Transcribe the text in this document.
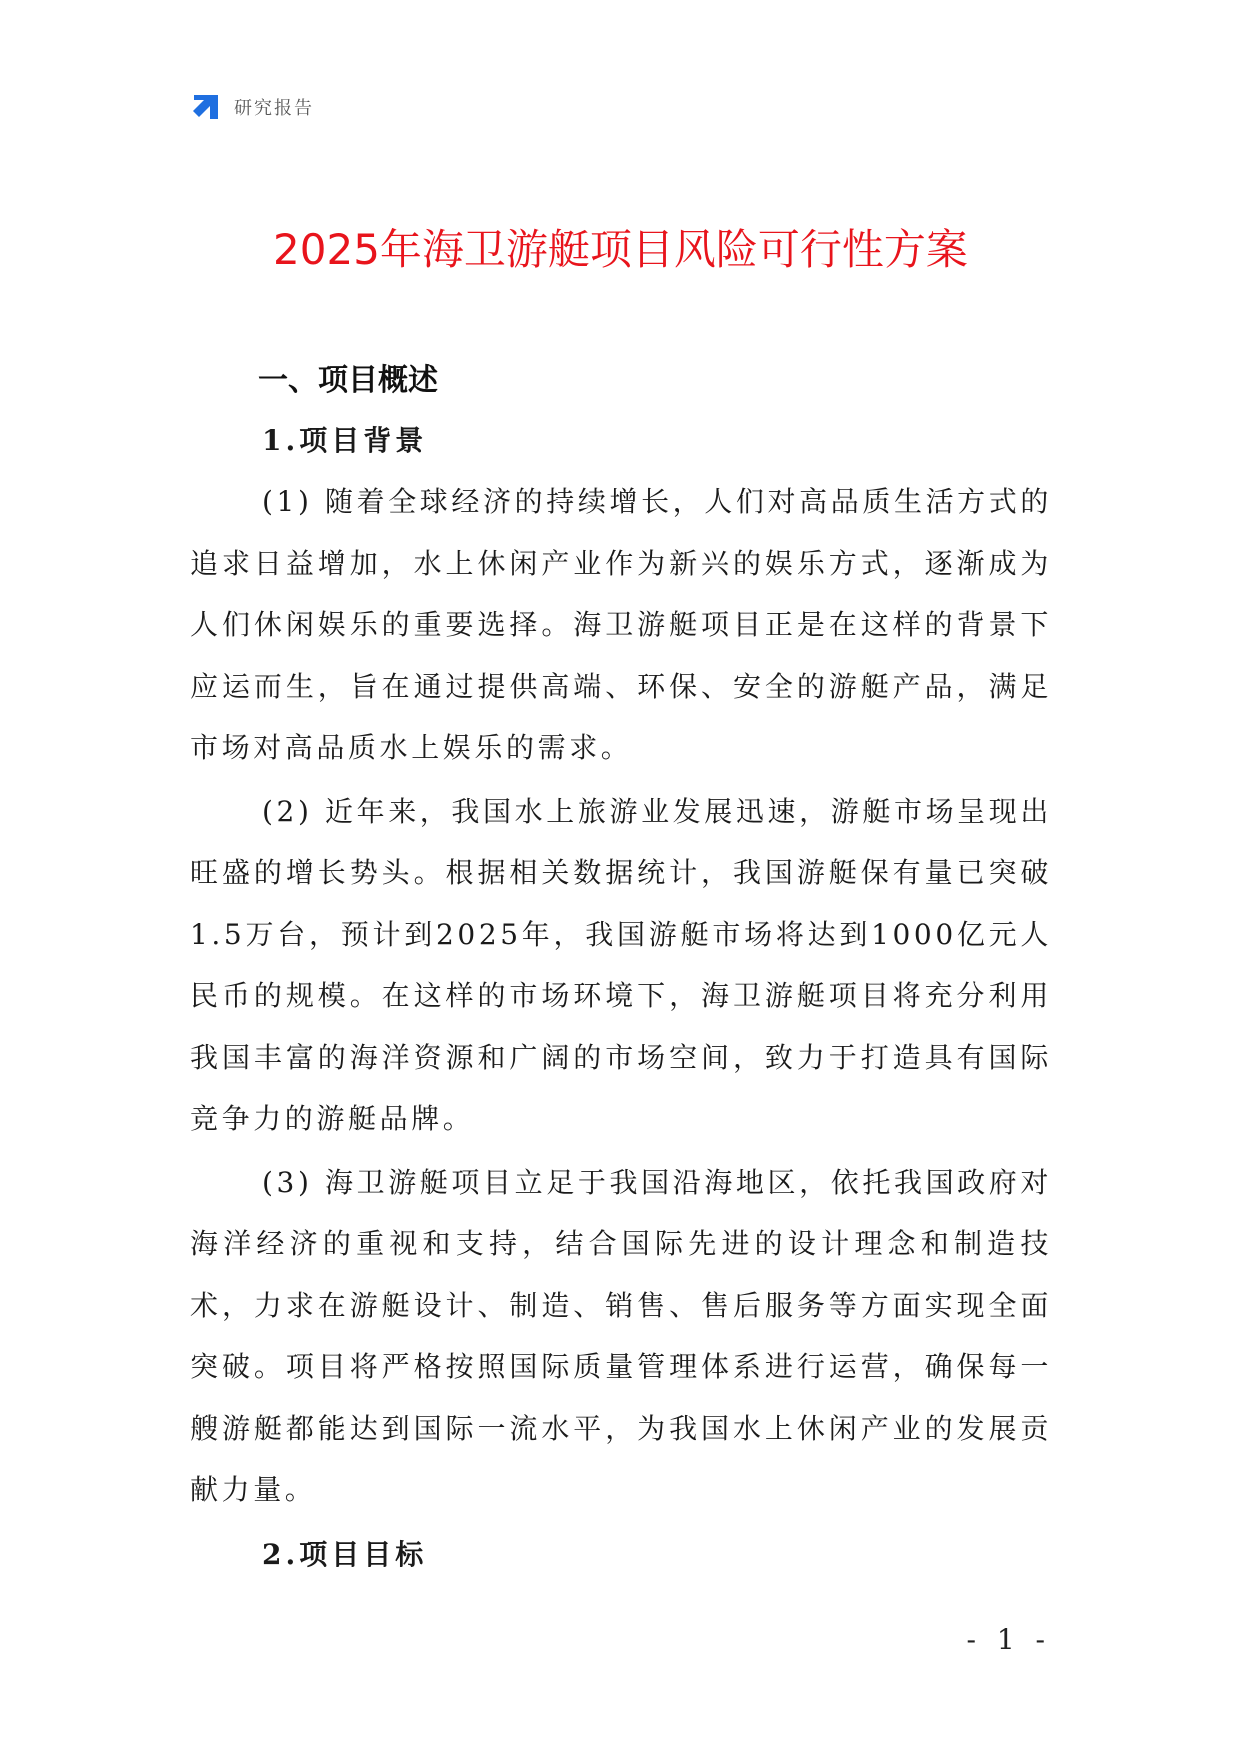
研究报告
2025年海卫游艇项目风险可行性方案
一、项目概述
1.项目背景

(1) 随着全球经济的持续增长，人们对高品质生活方式的追求日益增加，水上休闲产业作为新兴的娱乐方式，逐渐成为人们休闲娱乐的重要选择。海卫游艇项目正是在这样的背景下应运而生，旨在通过提供高端、环保、安全的游艇产品，满足市场对高品质水上娱乐的需求。

(2) 近年来，我国水上旅游业发展迅速，游艇市场呈现出旺盛的增长势头。根据相关数据统计，我国游艇保有量已突破1.5万台，预计到2025年，我国游艇市场将达到1000亿元人民币的规模。在这样的市场环境下，海卫游艇项目将充分利用我国丰富的海洋资源和广阔的市场空间，致力于打造具有国际竞争力的游艇品牌。

(3) 海卫游艇项目立足于我国沿海地区，依托我国政府对海洋经济的重视和支持，结合国际先进的设计理念和制造技术，力求在游艇设计、制造、销售、售后服务等方面实现全面突破。项目将严格按照国际质量管理体系进行运营，确保每一艘游艇都能达到国际一流水平，为我国水上休闲产业的发展贡献力量。

2.项目目标
- 1 -
